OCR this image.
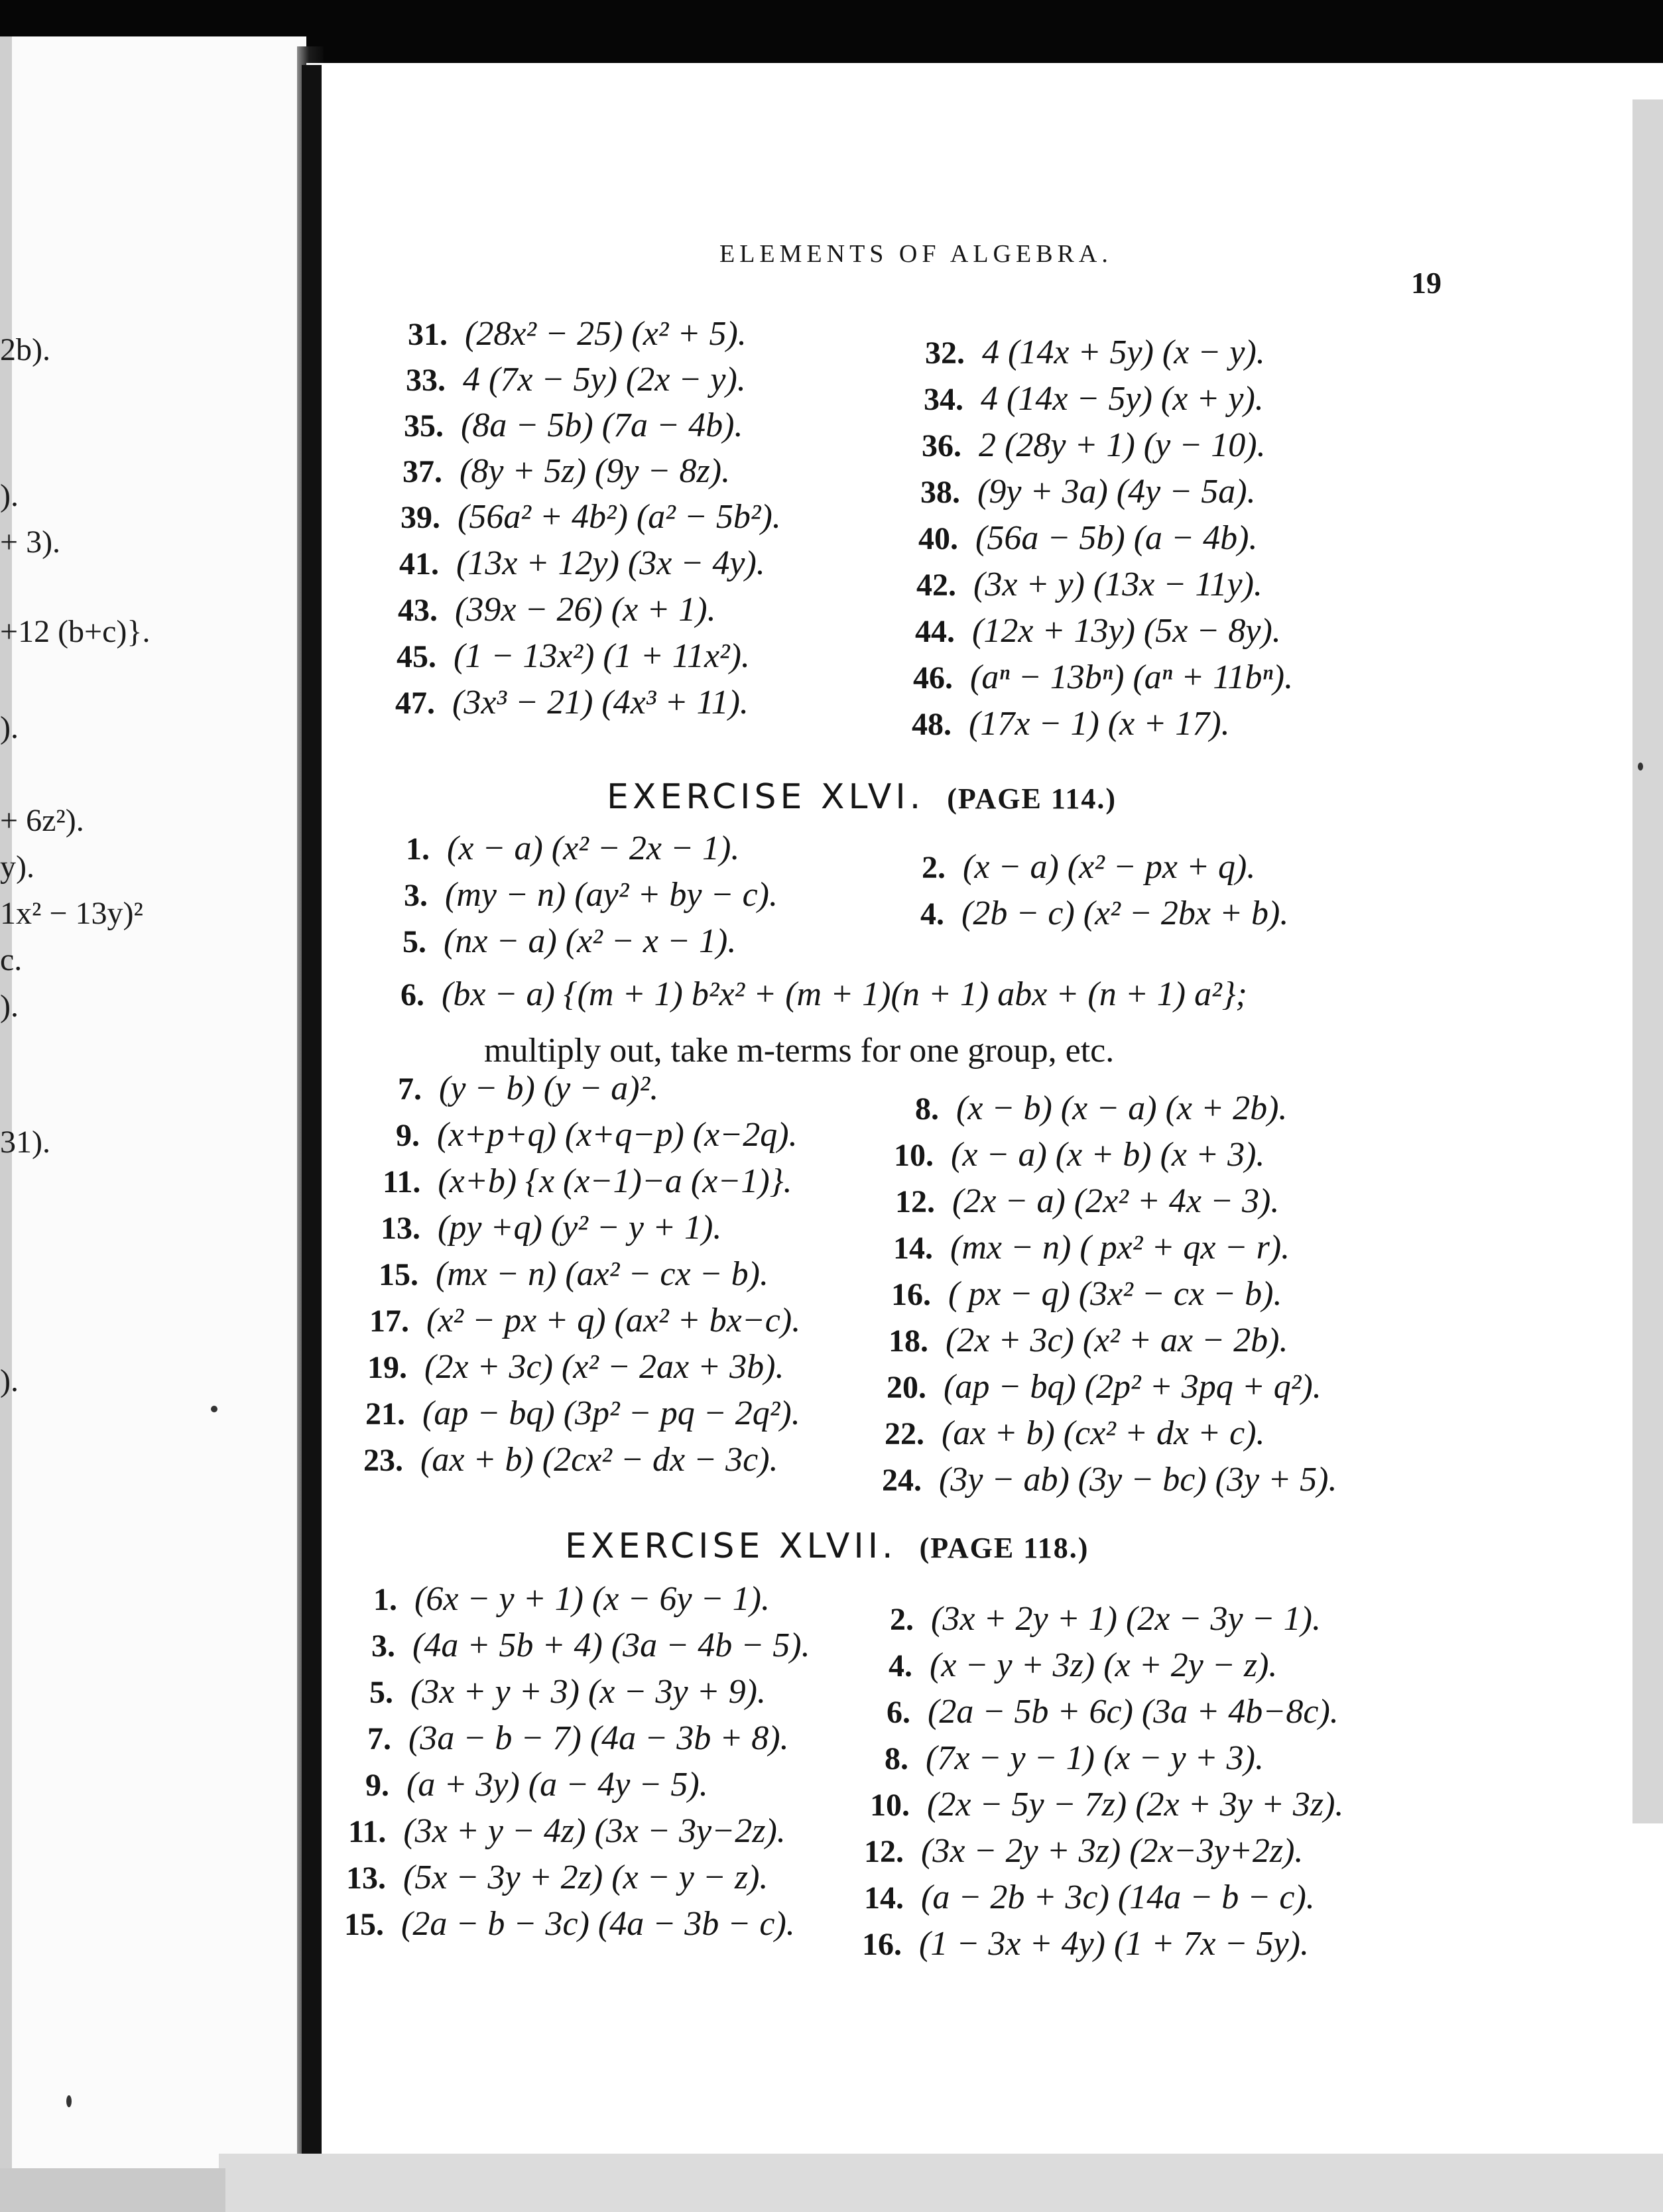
2b).
).
+ 3).
+12 (b+c)}.
).
+ 6z²).
y).
1x² − 13y)²
c.
).
31).
).
ELEMENTS OF ALGEBRA.
19
31. (28x² − 25) (x² + 5).
32. 4 (14x + 5y) (x − y).
33. 4 (7x − 5y) (2x − y).
34. 4 (14x − 5y) (x + y).
35. (8a − 5b) (7a − 4b).
36. 2 (28y + 1) (y − 10).
37. (8y + 5z) (9y − 8z).
38. (9y + 3a) (4y − 5a).
39. (56a² + 4b²) (a² − 5b²).
40. (56a − 5b) (a − 4b).
41. (13x + 12y) (3x − 4y).
42. (3x + y) (13x − 11y).
43. (39x − 26) (x + 1).
44. (12x + 13y) (5x − 8y).
45. (1 − 13x²) (1 + 11x²).
46. (aⁿ − 13bⁿ) (aⁿ + 11bⁿ).
47. (3x³ − 21) (4x³ + 11).
48. (17x − 1) (x + 17).
EXERCISE XLVI. (PAGE 114.)
1. (x − a) (x² − 2x − 1).
2. (x − a) (x² − px + q).
3. (my − n) (ay² + by − c).
4. (2b − c) (x² − 2bx + b).
5. (nx − a) (x² − x − 1).
6. (bx − a) {(m + 1) b²x² + (m + 1)(n + 1) abx + (n + 1) a²};
multiply out, take m-terms for one group, etc.
7. (y − b) (y − a)².
8. (x − b) (x − a) (x + 2b).
9. (x+p+q) (x+q−p) (x−2q).
10. (x − a) (x + b) (x + 3).
11. (x+b) {x (x−1)−a (x−1)}.
12. (2x − a) (2x² + 4x − 3).
13. (py +q) (y² − y + 1).
14. (mx − n) ( px² + qx − r).
15. (mx − n) (ax² − cx − b).
16. ( px − q) (3x² − cx − b).
17. (x² − px + q) (ax² + bx−c).
18. (2x + 3c) (x² + ax − 2b).
19. (2x + 3c) (x² − 2ax + 3b).
20. (ap − bq) (2p² + 3pq + q²).
21. (ap − bq) (3p² − pq − 2q²).
22. (ax + b) (cx² + dx + c).
23. (ax + b) (2cx² − dx − 3c).
24. (3y − ab) (3y − bc) (3y + 5).
EXERCISE XLVII. (PAGE 118.)
1. (6x − y + 1) (x − 6y − 1).
2. (3x + 2y + 1) (2x − 3y − 1).
3. (4a + 5b + 4) (3a − 4b − 5).
4. (x − y + 3z) (x + 2y − z).
5. (3x + y + 3) (x − 3y + 9).
6. (2a − 5b + 6c) (3a + 4b−8c).
7. (3a − b − 7) (4a − 3b + 8).
8. (7x − y − 1) (x − y + 3).
9. (a + 3y) (a − 4y − 5).
10. (2x − 5y − 7z) (2x + 3y + 3z).
11. (3x + y − 4z) (3x − 3y−2z).
12. (3x − 2y + 3z) (2x−3y+2z).
13. (5x − 3y + 2z) (x − y − z).
14. (a − 2b + 3c) (14a − b − c).
15. (2a − b − 3c) (4a − 3b − c).
16. (1 − 3x + 4y) (1 + 7x − 5y).
